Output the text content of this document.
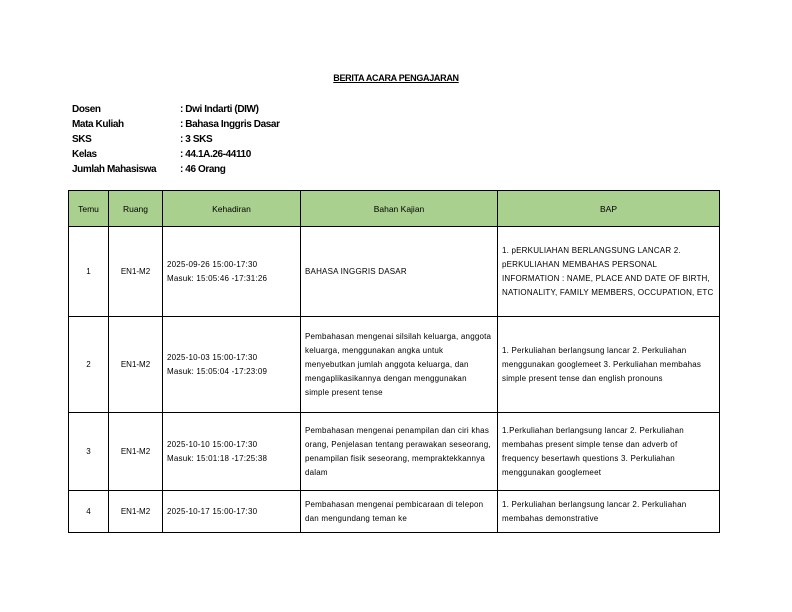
BERITA ACARA PENGAJARAN
Dosen	: Dwi Indarti (DIW)
Mata Kuliah	: Bahasa Inggris Dasar
SKS	: 3 SKS
Kelas	: 44.1A.26-44110
Jumlah Mahasiswa	: 46 Orang
Temu	Ruang	Kehadiran	Bahan Kajian	BAP
1	EN1-M2	2025-09-26 15:00-17:30
Masuk: 15:05:46 -17:31:26	BAHASA INGGRIS DASAR	1. pERKULIAHAN BERLANGSUNG LANCAR 2. pERKULIAHAN MEMBAHAS PERSONAL INFORMATION : NAME, PLACE AND DATE OF BIRTH, NATIONALITY, FAMILY MEMBERS, OCCUPATION, ETC
2	EN1-M2	2025-10-03 15:00-17:30
Masuk: 15:05:04 -17:23:09	Pembahasan mengenai silsilah keluarga, anggota keluarga, menggunakan angka untuk menyebutkan jumlah anggota keluarga, dan mengaplikasikannya dengan menggunakan simple present tense	1. Perkuliahan berlangsung lancar 2. Perkuliahan menggunakan googlemeet 3. Perkuliahan membahas simple present tense dan english pronouns
3	EN1-M2	2025-10-10 15:00-17:30
Masuk: 15:01:18 -17:25:38	Pembahasan mengenai penampilan dan ciri khas orang, Penjelasan tentang perawakan seseorang, penampilan fisik seseorang, mempraktekkannya dalam	1.Perkuliahan berlangsung lancar 2. Perkuliahan membahas present simple tense dan adverb of frequency besertawh questions 3. Perkuliahan menggunakan googlemeet
4	EN1-M2	2025-10-17 15:00-17:30	Pembahasan mengenai pembicaraan di telepon dan mengundang teman ke	1. Perkuliahan berlangsung lancar 2. Perkuliahan membahas demonstrative
